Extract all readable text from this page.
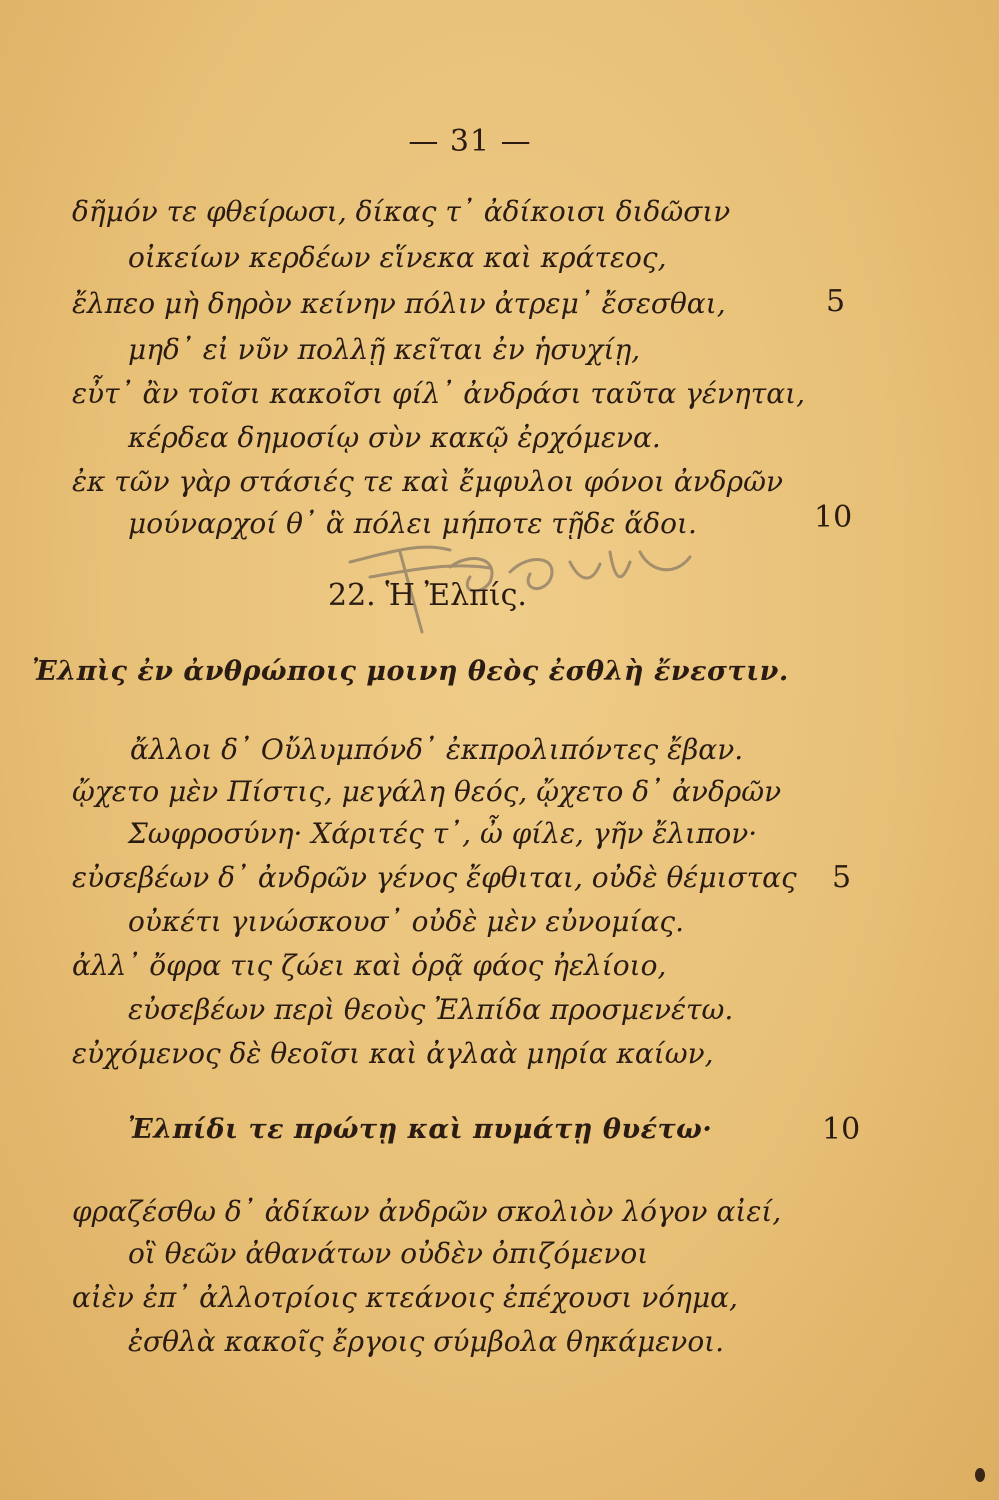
— 31 —
δῆμόν τε φθείρωσι, δίκας τ᾽ ἀδίκοισι διδῶσιν
οἰκείων κερδέων εἵνεκα καὶ κράτεος,
ἔλπεο μὴ δηρὸν κείνην πόλιν ἀτρεμ᾽ ἔσεσθαι,	5
μηδ᾽ εἰ νῦν πολλῇ κεῖται ἐν ἡσυχίῃ,
εὖτ᾽ ἂν τοῖσι κακοῖσι φίλ᾽ ἀνδράσι ταῦτα γένηται,
κέρδεα δημοσίῳ σὺν κακῷ ἐρχόμενα.
ἐκ τῶν γὰρ στάσιές τε καὶ ἔμφυλοι φόνοι ἀνδρῶν
μούναρχοί θ᾽ ἃ πόλει μήποτε τῇδε ἅδοι.	10
22. Ἡ Ἐλπίς.
Ἐλπὶς ἐν ἀνθρώποις μοινη θεὸς ἐσθλὴ ἔνεστιν.
ἄλλοι δ᾽ Οὔλυμπόνδ᾽ ἐκπρολιπόντες ἔβαν.
ᾤχετο μὲν Πίστις, μεγάλη θεός, ᾤχετο δ᾽ ἀνδρῶν
Σωφροσύνη· Χάριτές τ᾽, ὦ φίλε, γῆν ἔλιπον·
εὐσεβέων δ᾽ ἀνδρῶν γένος ἔφθιται, οὐδὲ θέμιστας 5
οὐκέτι γινώσκουσ᾽ οὐδὲ μὲν εὐνομίας.
ἀλλ᾽ ὄφρα τις ζώει καὶ ὁρᾷ φάος ἠελίοιο,
εὐσεβέων περὶ θεοὺς Ἐλπίδα προσμενέτω.
εὐχόμενος δὲ θεοῖσι καὶ ἀγλαὰ μηρία καίων,
Ἐλπίδι τε πρώτῃ καὶ πυμάτῃ θυέτω·	10
φραζέσθω δ᾽ ἀδίκων ἀνδρῶν σκολιὸν λόγον αἰεί,
οἳ θεῶν ἀθανάτων οὐδὲν ὀπιζόμενοι
αἰὲν ἐπ᾽ ἀλλοτρίοις κτεάνοις ἐπέχουσι νόημα,
ἐσθλὰ κακοῖς ἔργοις σύμβολα θηκάμενοι.
